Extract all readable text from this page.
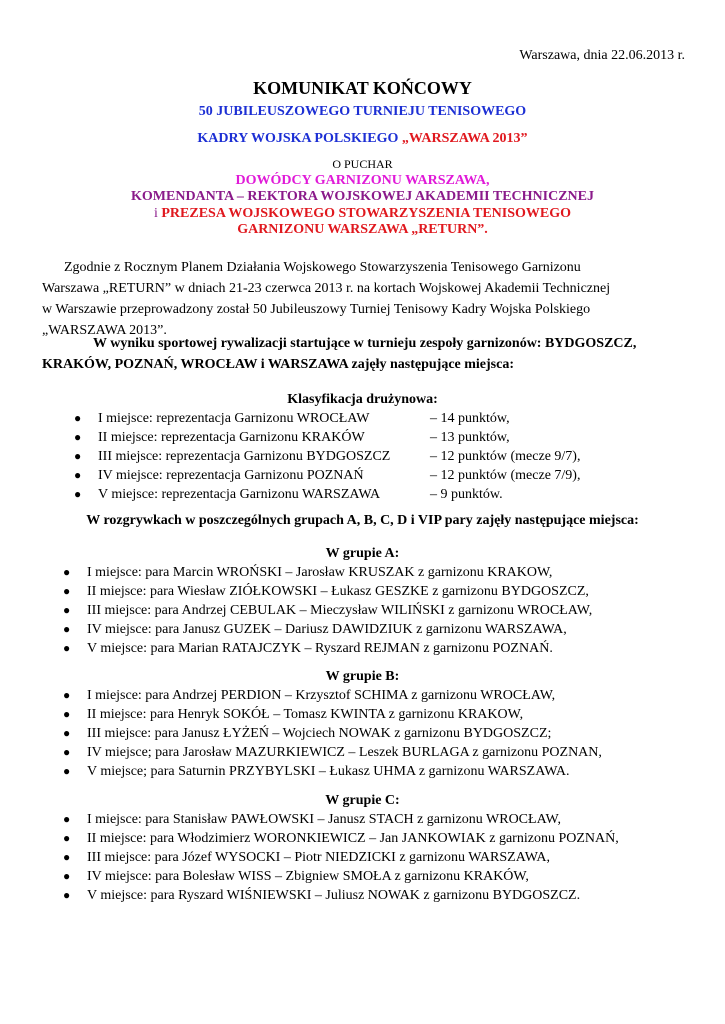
Warszawa, dnia 22.06.2013 r.
KOMUNIKAT KOŃCOWY
50 JUBILEUSZOWEGO TURNIEJU TENISOWEGO
KADRY WOJSKA POLSKIEGO „WARSZAWA 2013”
O PUCHAR
DOWÓDCY GARNIZONU WARSZAWA,
KOMENDANTA – REKTORA WOJSKOWEJ AKADEMII TECHNICZNEJ
i PREZESA WOJSKOWEGO STOWARZYSZENIA TENISOWEGO
GARNIZONU WARSZAWA „RETURN”.
Zgodnie z Rocznym Planem Działania Wojskowego Stowarzyszenia Tenisowego Garnizonu
Warszawa „RETURN” w dniach 21-23 czerwca 2013 r. na kortach Wojskowej Akademii Technicznej
w Warszawie przeprowadzony został 50 Jubileuszowy Turniej Tenisowy Kadry Wojska Polskiego
„WARSZAWA 2013”.
W wyniku sportowej rywalizacji startujące w turnieju zespoły garnizonów: BYDGOSZCZ,
KRAKÓW, POZNAŃ, WROCŁAW i WARSZAWA zajęły następujące miejsca:
Klasyfikacja drużynowa:
● I miejsce: reprezentacja Garnizonu WROCŁAW	– 14 punktów,
● II miejsce: reprezentacja Garnizonu KRAKÓW	– 13 punktów,
● III miejsce: reprezentacja Garnizonu BYDGOSZCZ	– 12 punktów (mecze 9/7),
● IV miejsce: reprezentacja Garnizonu POZNAŃ	– 12 punktów (mecze 7/9),
● V miejsce: reprezentacja Garnizonu WARSZAWA	– 9 punktów.
W rozgrywkach w poszczególnych grupach A, B, C, D i VIP pary zajęły następujące miejsca:
W grupie A:
● I miejsce: para Marcin WROŃSKI – Jarosław KRUSZAK z garnizonu KRAKOW,
● II miejsce: para Wiesław ZIÓŁKOWSKI – Łukasz GESZKE z garnizonu BYDGOSZCZ,
● III miejsce: para Andrzej CEBULAK – Mieczysław WILIŃSKI z garnizonu WROCŁAW,
● IV miejsce: para Janusz GUZEK – Dariusz DAWIDZIUK z garnizonu WARSZAWA,
● V miejsce: para Marian RATAJCZYK – Ryszard REJMAN z garnizonu POZNAŃ.
W grupie B:
● I miejsce: para Andrzej PERDION – Krzysztof SCHIMA z garnizonu WROCŁAW,
● II miejsce: para Henryk SOKÓŁ – Tomasz KWINTA z garnizonu KRAKOW,
● III miejsce: para Janusz ŁYŻEŃ – Wojciech NOWAK z garnizonu BYDGOSZCZ;
● IV miejsce; para Jarosław MAZURKIEWICZ – Leszek BURLAGA z garnizonu POZNAN,
● V miejsce; para Saturnin PRZYBYLSKI – Łukasz UHMA z garnizonu WARSZAWA.
W grupie C:
● I miejsce: para Stanisław PAWŁOWSKI – Janusz STACH z garnizonu WROCŁAW,
● II miejsce: para Włodzimierz WORONKIEWICZ – Jan JANKOWIAK z garnizonu POZNAŃ,
● III miejsce: para Józef WYSOCKI – Piotr NIEDZICKI z garnizonu WARSZAWA,
● IV miejsce: para Bolesław WISS – Zbigniew SMOŁA z garnizonu KRAKÓW,
● V miejsce: para Ryszard WIŚNIEWSKI – Juliusz NOWAK z garnizonu BYDGOSZCZ.
